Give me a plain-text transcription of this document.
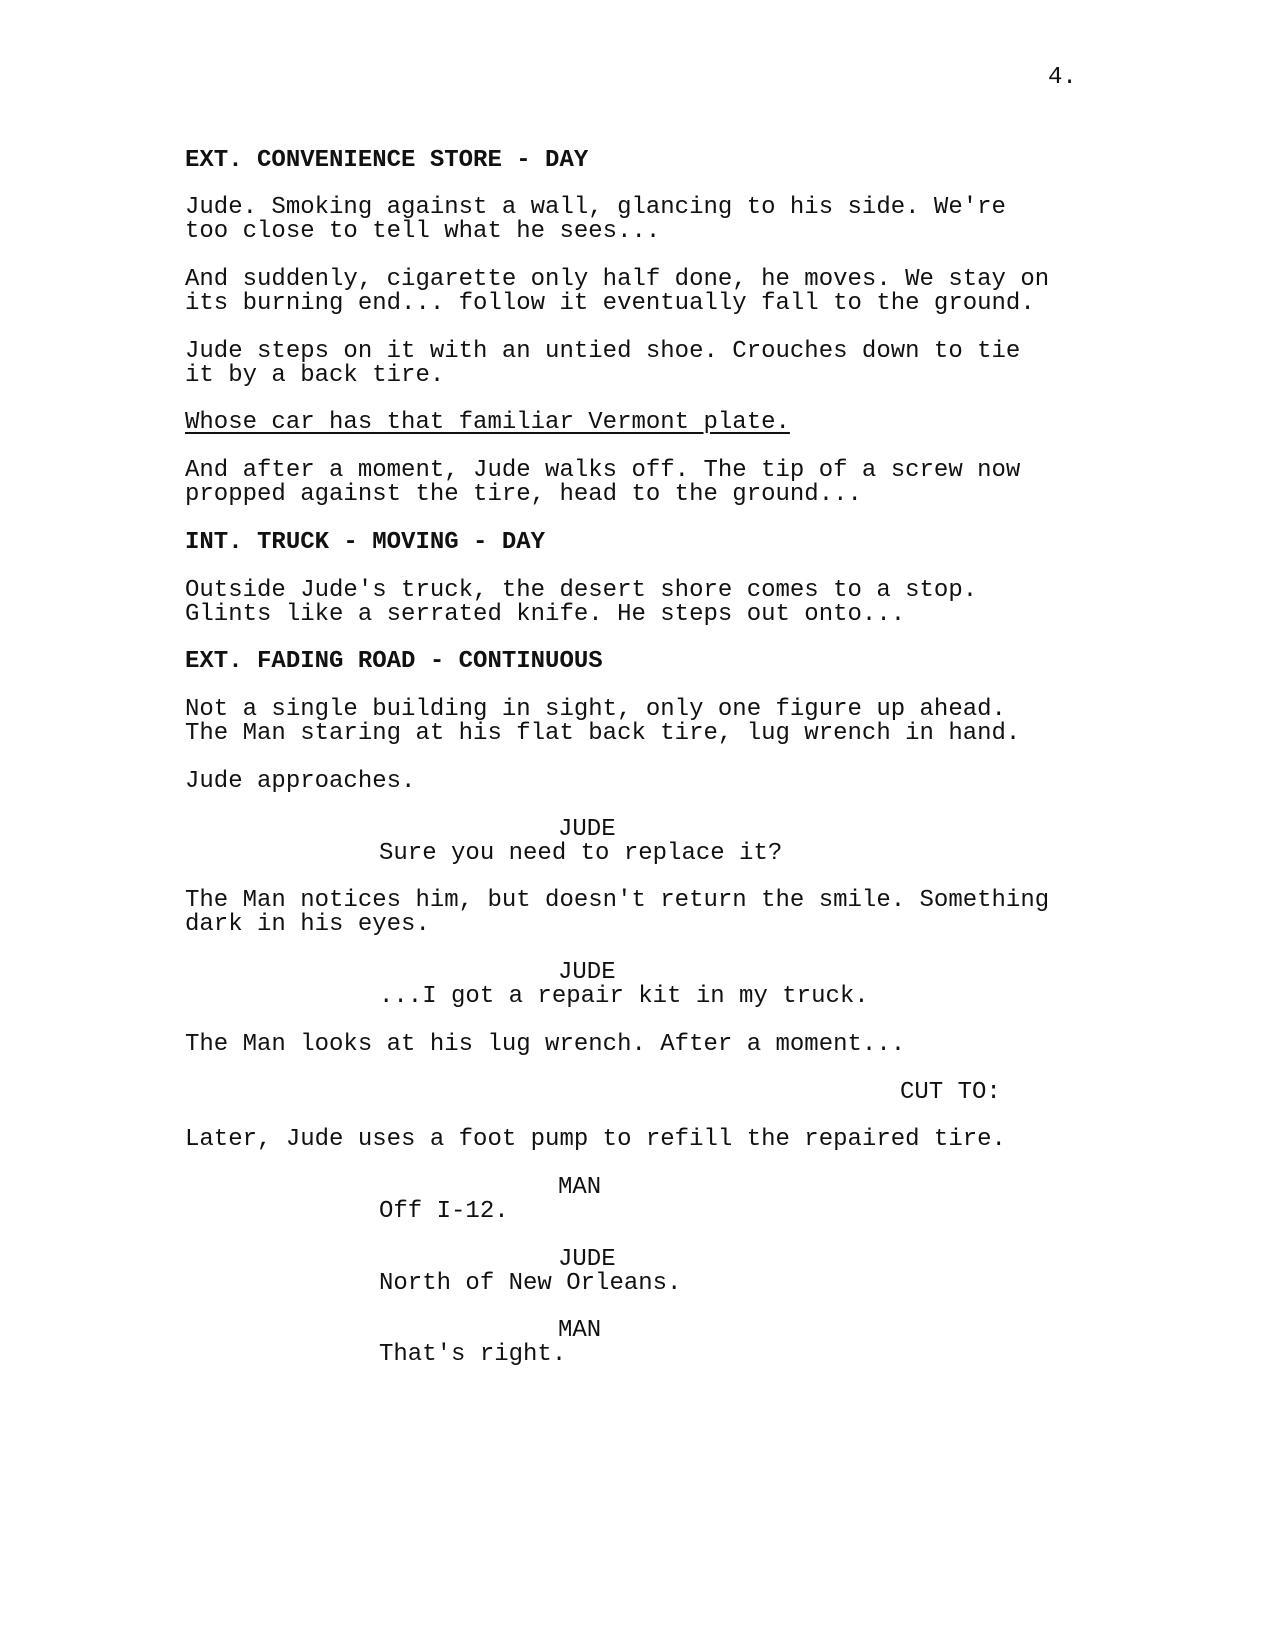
4.
EXT. CONVENIENCE STORE - DAY
Jude. Smoking against a wall, glancing to his side. We're
too close to tell what he sees...
And suddenly, cigarette only half done, he moves. We stay on
its burning end... follow it eventually fall to the ground.
Jude steps on it with an untied shoe. Crouches down to tie
it by a back tire.
Whose car has that familiar Vermont plate.
And after a moment, Jude walks off. The tip of a screw now
propped against the tire, head to the ground...
INT. TRUCK - MOVING - DAY
Outside Jude's truck, the desert shore comes to a stop.
Glints like a serrated knife. He steps out onto...
EXT. FADING ROAD - CONTINUOUS
Not a single building in sight, only one figure up ahead.
The Man staring at his flat back tire, lug wrench in hand.
Jude approaches.
JUDE
Sure you need to replace it?
The Man notices him, but doesn't return the smile. Something
dark in his eyes.
JUDE
...I got a repair kit in my truck.
The Man looks at his lug wrench. After a moment...
CUT TO:
Later, Jude uses a foot pump to refill the repaired tire.
MAN
Off I-12.
JUDE
North of New Orleans.
MAN
That's right.
